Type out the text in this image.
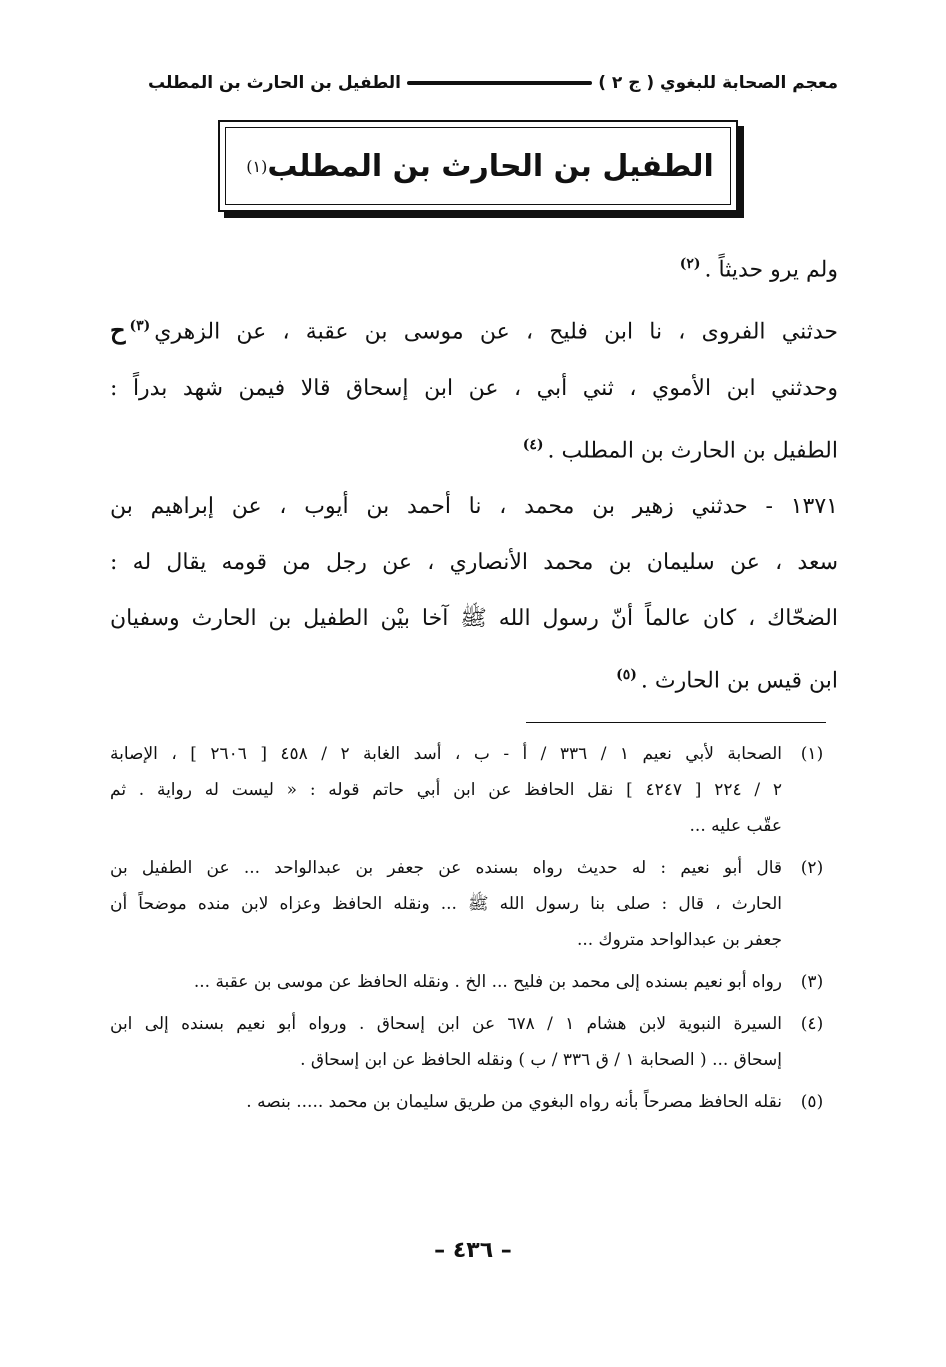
معجم الصحابة للبغوي ( ج ٢ )
الطفيل بن الحارث بن المطلب
الطفيل بن الحارث بن المطلب
(١)
ولم يرو حديثاً .$^{(٢)}$
حدثني الفروى ، نا ابن فليح ، عن موسى بن عقبة ، عن الزهري$^{(٣)}$ح
وحدثني ابن الأموي ، ثني أبي ، عن ابن إسحاق قالا فيمن شهد بدراً :
الطفيل بن الحارث بن المطلب .$^{(٤)}$
١٣٧١ - حدثني زهير بن محمد ، نا أحمد بن أيوب ، عن إبراهيم بن
سعد ، عن سليمان بن محمد الأنصاري ، عن رجل من قومه يقال له :
الضحّاك ، كان عالماً أنّ رسول الله ﷺ آخا بيْن الطفيل بن الحارث وسفيان
ابن قيس بن الحارث .$^{(٥)}$
(١)
الصحابة لأبي نعيم ١ / ٣٣٦ / أ - ب ، أسد الغابة ٢ / ٤٥٨ [ ٢٦٠٦ ] ، الإصابة
٢ / ٢٢٤ [ ٤٢٤٧ ] نقل الحافظ عن ابن أبي حاتم قوله : « ليست له رواية . ثم
عقّب عليه ...
(٢)
قال أبو نعيم : له حديث رواه بسنده عن جعفر بن عبدالواحد ... عن الطفيل بن
الحارث ، قال : صلى بنا رسول الله ﷺ ... ونقله الحافظ وعزاه لابن منده موضحاً أن
جعفر بن عبدالواحد متروك ...
(٣)
رواه أبو نعيم بسنده إلى محمد بن فليح ... الخ . ونقله الحافظ عن موسى بن عقبة ...
(٤)
السيرة النبوية لابن هشام ١ / ٦٧٨ عن ابن إسحاق . ورواه أبو نعيم بسنده إلى ابن
إسحاق ... ( الصحابة ١ / ق ٣٣٦ / ب ) ونقله الحافظ عن ابن إسحاق .
(٥)
نقله الحافظ مصرحاً بأنه رواه البغوي من طريق سليمان بن محمد ..... بنصه .
– ٤٣٦ –
